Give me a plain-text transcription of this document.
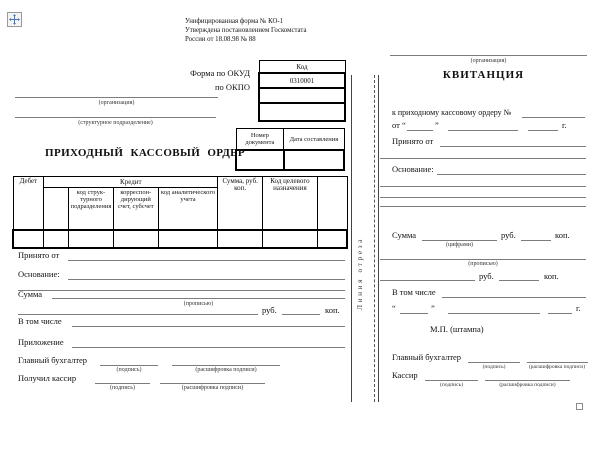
Унифицированная форма № КО-1
Утверждена постановлением Госкомстата
России от 18.08.98 № 88
Код
0310001

Форма по ОКУД
по ОКПО
(организация)
(структурное подразделение)
Номер документа	Дата составления

ПРИХОДНЫЙ КАССОВЫЙ ОРДЕР
Дебет	Кредит				Сумма, руб. коп.	Код целевого назначения	
		код структурного подразделения	корреспондирующий счет, субсчет	код аналитического учета			

Принято от
Основание:
Сумма
(прописью)
руб.	коп.
В том числе
Приложение
Главный бухгалтер
(подпись)	(расшифровка подписи)
Получил кассир
(подпись)	(расшифровка подписи)
Линия отреза
(организация)
КВИТАНЦИЯ
к приходному кассовому ордеру №
от “	”	г.
Принято от
Основание:
Сумма
(цифрами)
руб.	коп.
(прописью)
руб.	коп.
В том числе
“	”	г.
М.П. (штампа)
Главный бухгалтер
(подпись)	(расшифровка подписи)
Кассир
(подпись)	(расшифровка подписи)
